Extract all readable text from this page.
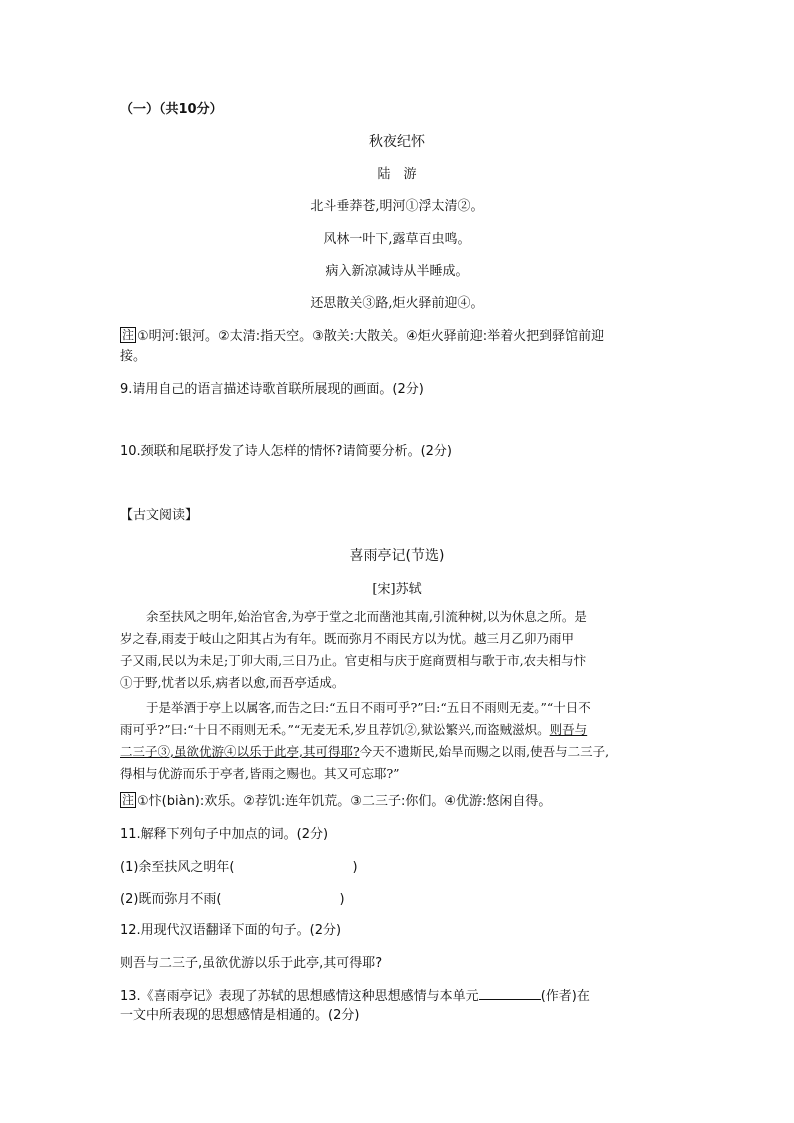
（一）（共10分）
秋夜纪怀
陆　游
北斗垂莽苍,明河①浮太清②。
风林一叶下,露草百虫鸣。
病入新凉减诗从半睡成。
还思散关③路,炬火驿前迎④。
注 ①明河:银河。②太清:指天空。③散关:大散关。④炬火驿前迎:举着火把到驿馆前迎
接。
9.请用自己的语言描述诗歌首联所展现的画面。(2分)
10.颈联和尾联抒发了诗人怎样的情怀?请简要分析。(2分)
【古文阅读】
喜雨亭记(节选)
[宋]苏轼
余至扶风之明年,始治官舍,为亭于堂之北而凿池其南,引流种树,以为休息之所。是
岁之春,雨麦于岐山之阳其占为有年。既而弥月不雨民方以为忧。越三月乙卯乃雨甲
子又雨,民以为未足;丁卯大雨,三日乃止。官吏相与庆于庭商贾相与歌于市,农夫相与忭
①于野,忧者以乐,病者以愈,而吾亭适成。
于是举酒于亭上以属客,而告之曰:“五日不雨可乎?”曰:“五日不雨则无麦。”“十日不
雨可乎?”曰:“十日不雨则无禾。”“无麦无禾,岁且荐饥②,狱讼繁兴,而盗贼滋炽。则吾与
二三子③,虽欲优游④以乐于此亭,其可得耶?今天不遗斯民,始旱而赐之以雨,使吾与二三子,
得相与优游而乐于亭者,皆雨之赐也。其又可忘耶?”
注 ①忭(biàn):欢乐。②荐饥:连年饥荒。③二三子:你们。④优游:悠闲自得。
11.解释下列句子中加点的词。(2分)
(1)余至扶风之明年(	)
(2)既而弥月不雨(	)
12.用现代汉语翻译下面的句子。(2分)
则吾与二三子,虽欲优游以乐于此亭,其可得耶?
13.《喜雨亭记》表现了苏轼的思想感情这种思想感情与本单元	(作者)在
一文中所表现的思想感情是相通的。(2分)
